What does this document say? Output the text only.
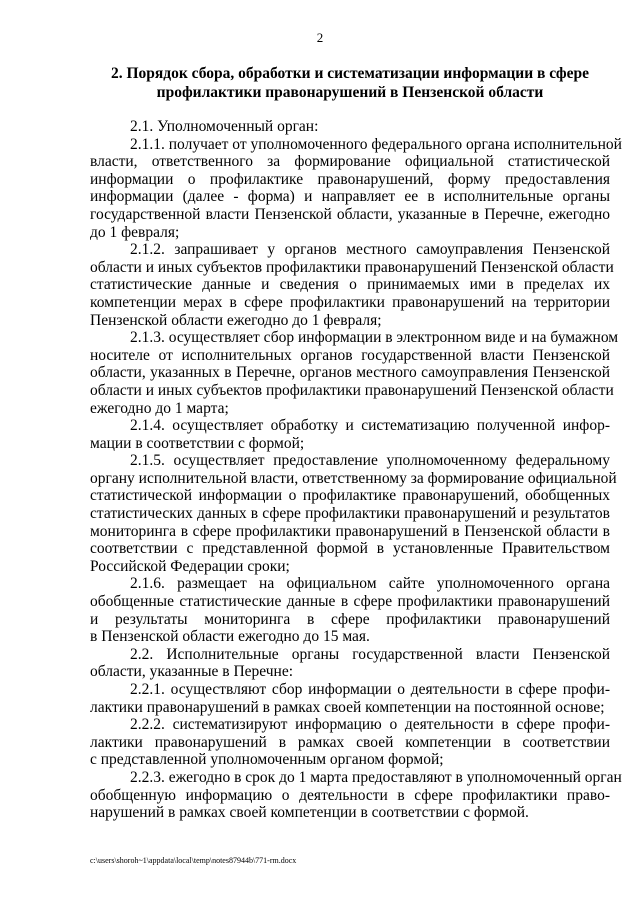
2
2. Порядок сбора, обработки и систематизации информации в сфере
профилактики правонарушений в Пензенской области
2.1. Уполномоченный орган:
2.1.1. получает от уполномоченного федерального органа исполнительной
власти, ответственного за формирование официальной статистической
информации о профилактике правонарушений, форму предоставления
информации (далее - форма) и направляет ее в исполнительные органы
государственной власти Пензенской области, указанные в Перечне, ежегодно
до 1 февраля;
2.1.2. запрашивает у органов местного самоуправления Пензенской
области и иных субъектов профилактики правонарушений Пензенской области
статистические данные и сведения о принимаемых ими в пределах их
компетенции мерах в сфере профилактики правонарушений на территории
Пензенской области ежегодно до 1 февраля;
2.1.3. осуществляет сбор информации в электронном виде и на бумажном
носителе от исполнительных органов государственной власти Пензенской
области, указанных в Перечне, органов местного самоуправления Пензенской
области и иных субъектов профилактики правонарушений Пензенской области
ежегодно до 1 марта;
2.1.4. осуществляет обработку и систематизацию полученной инфор-
мации в соответствии с формой;
2.1.5. осуществляет предоставление уполномоченному федеральному
органу исполнительной власти, ответственному за формирование официальной
статистической информации о профилактике правонарушений, обобщенных
статистических данных в сфере профилактики правонарушений и результатов
мониторинга в сфере профилактики правонарушений в Пензенской области в
соответствии с представленной формой в установленные Правительством
Российской Федерации сроки;
2.1.6. размещает на официальном сайте уполномоченного органа
обобщенные статистические данные в сфере профилактики правонарушений
и результаты мониторинга в сфере профилактики правонарушений
в Пензенской области ежегодно до 15 мая.
2.2. Исполнительные органы государственной власти Пензенской
области, указанные в Перечне:
2.2.1. осуществляют сбор информации о деятельности в сфере профи-
лактики правонарушений в рамках своей компетенции на постоянной основе;
2.2.2. систематизируют информацию о деятельности в сфере профи-
лактики правонарушений в рамках своей компетенции в соответствии
с представленной уполномоченным органом формой;
2.2.3. ежегодно в срок до 1 марта предоставляют в уполномоченный орган
обобщенную информацию о деятельности в сфере профилактики право-
нарушений в рамках своей компетенции в соответствии с формой.
c:\users\shoroh~1\appdata\local\temp\notes87944b\771-rm.docx
